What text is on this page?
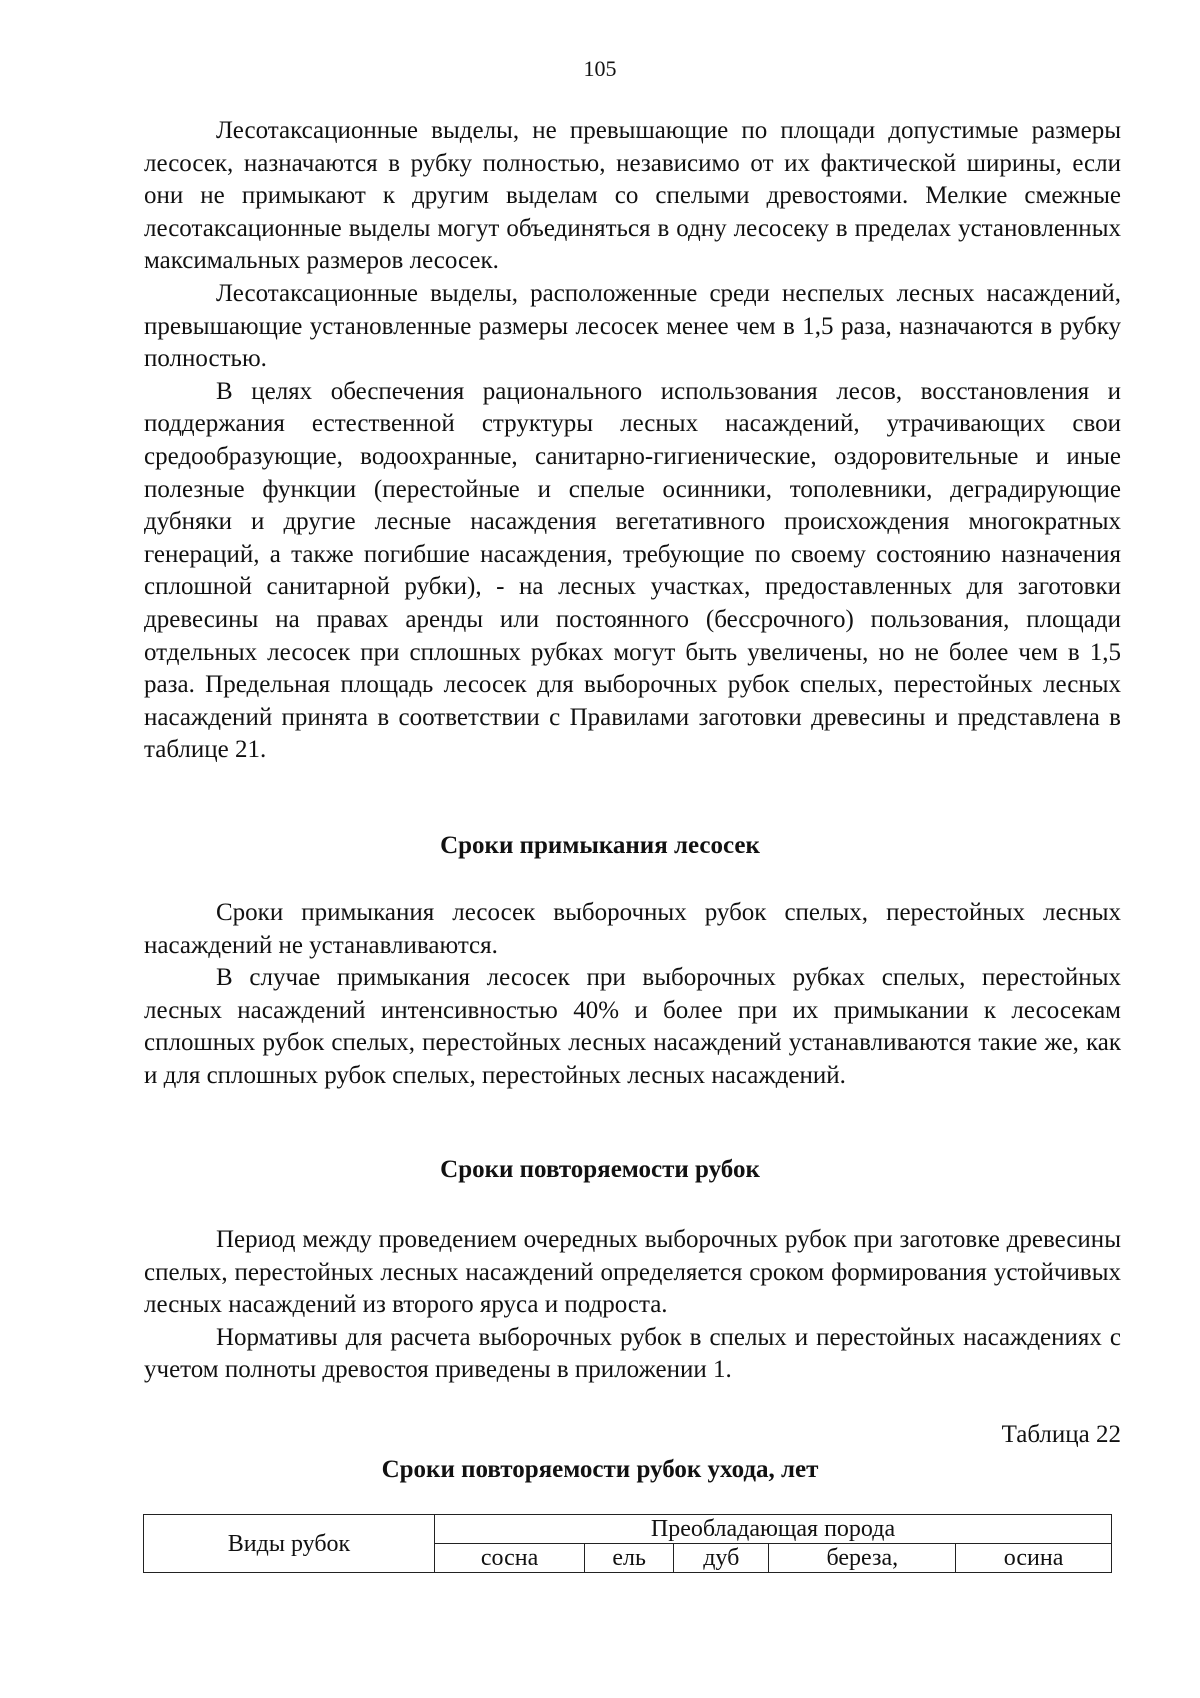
105

Лесотаксационные выделы, не превышающие по площади допустимые размеры лесосек, назначаются в рубку полностью, независимо от их фактической ширины, если они не примыкают к другим выделам со спелыми древостоями. Мелкие смежные лесотаксационные выделы могут объединяться в одну лесосеку в пределах установленных максимальных размеров лесосек.

Лесотаксационные выделы, расположенные среди неспелых лесных насаждений, превышающие установленные размеры лесосек менее чем в 1,5 раза, назначаются в рубку полностью.

В целях обеспечения рационального использования лесов, восстановления и поддержания естественной структуры лесных насаждений, утрачивающих свои средообразующие, водоохранные, санитарно-гигиенические, оздоровительные и иные полезные функции (перестойные и спелые осинники, тополевники, деградирующие дубняки и другие лесные насаждения вегетативного происхождения многократных генераций, а также погибшие насаждения, требующие по своему состоянию назначения сплошной санитарной рубки), - на лесных участках, предоставленных для заготовки древесины на правах аренды или постоянного (бессрочного) пользования, площади отдельных лесосек при сплошных рубках могут быть увеличены, но не более чем в 1,5 раза. Предельная площадь лесосек для выборочных рубок спелых, перестойных лесных насаждений принята в соответствии с Правилами заготовки древесины и представлена в таблице 21.

Сроки примыкания лесосек

Сроки примыкания лесосек выборочных рубок спелых, перестойных лесных насаждений не устанавливаются.

В случае примыкания лесосек при выборочных рубках спелых, перестойных лесных насаждений интенсивностью 40% и более при их примыкании к лесосекам сплошных рубок спелых, перестойных лесных насаждений устанавливаются такие же, как и для сплошных рубок спелых, перестойных лесных насаждений.

Сроки повторяемости рубок

Период между проведением очередных выборочных рубок при заготовке древесины спелых, перестойных лесных насаждений определяется сроком формирования устойчивых лесных насаждений из второго яруса и подроста.

Нормативы для расчета выборочных рубок в спелых и перестойных насаждениях с учетом полноты древостоя приведены в приложении 1.

Таблица 22
Сроки повторяемости рубок ухода, лет
Виды рубок	Преобладающая порода				
	сосна	ель	дуб	береза,	осина
